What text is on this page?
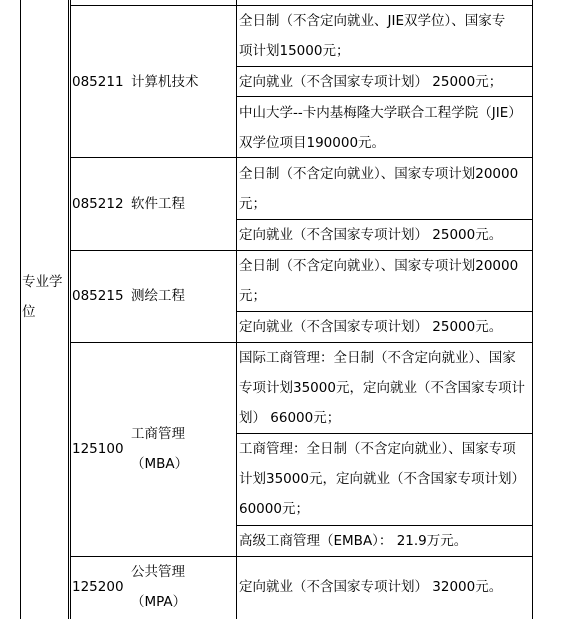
专业学
位
085211 计算机技术
全日制（不含定向就业、JIE双学位）、国家专
项计划15000元；
定向就业（不含国家专项计划） 25000元；
中山大学--卡内基梅隆大学联合工程学院（JIE）
双学位项目190000元。
085212 软件工程
全日制（不含定向就业）、国家专项计划20000
元；
定向就业（不含国家专项计划） 25000元。
085215 测绘工程
全日制（不含定向就业）、国家专项计划20000
元；
定向就业（不含国家专项计划） 25000元。
125100
工商管理
（MBA）
国际工商管理：全日制（不含定向就业）、国家
专项计划35000元，定向就业（不含国家专项计
划） 66000元；
工商管理：全日制（不含定向就业）、国家专项
计划35000元，定向就业（不含国家专项计划）
60000元；
高级工商管理（EMBA）： 21.9万元。
125200
公共管理
（MPA）
定向就业（不含国家专项计划） 32000元。
